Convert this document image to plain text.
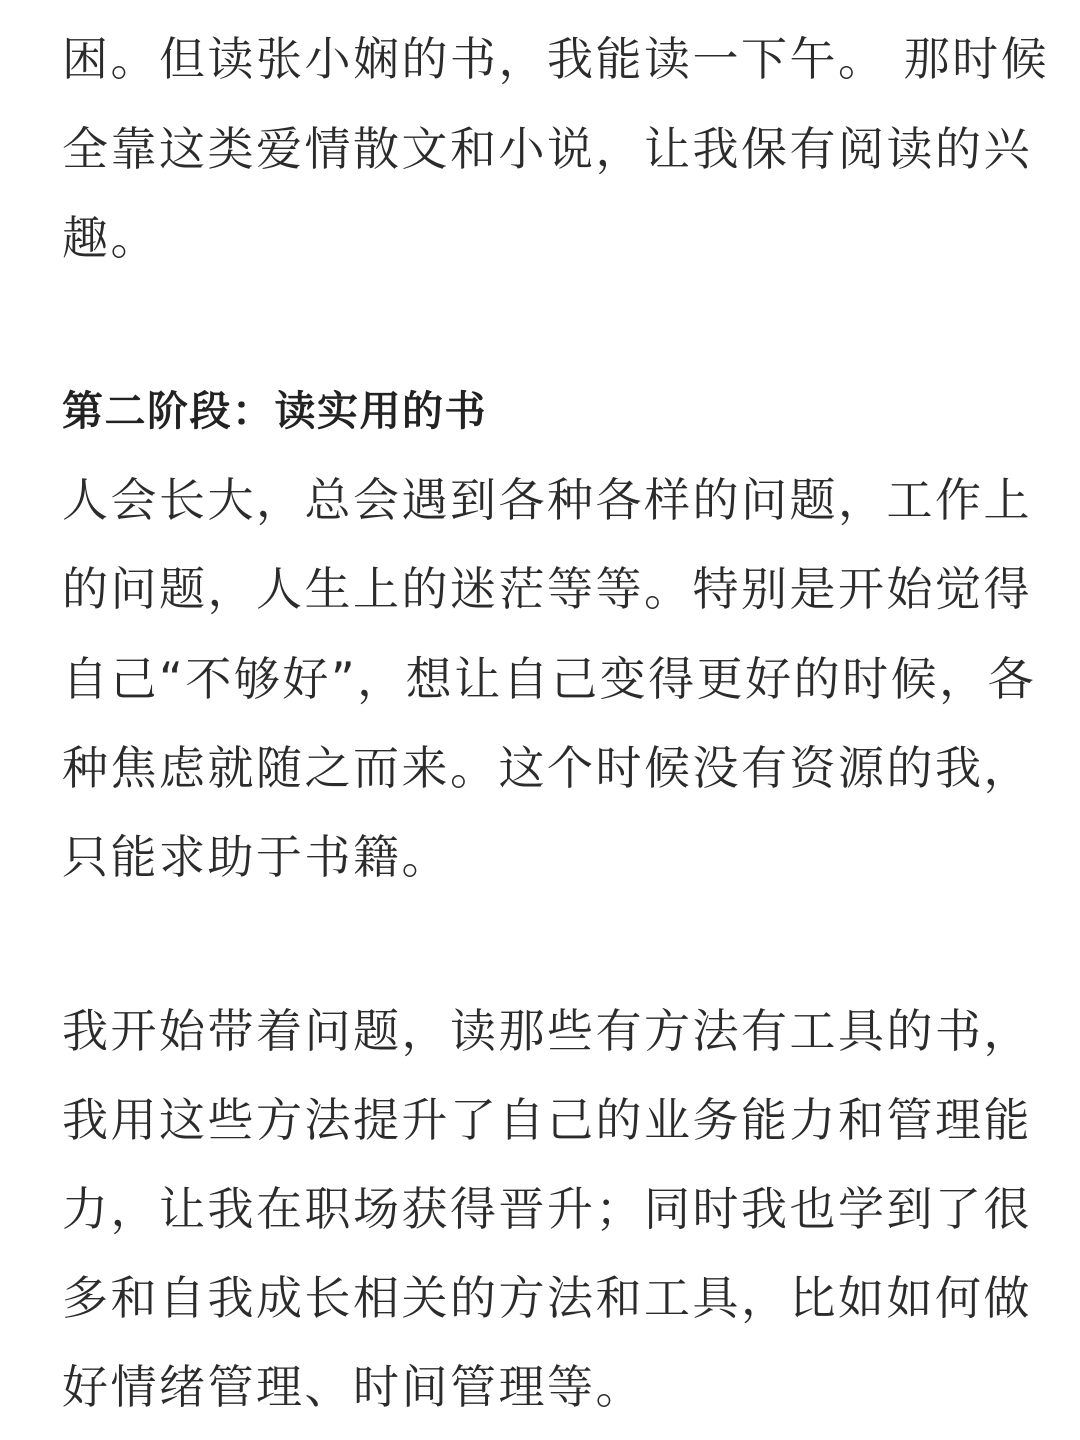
困。但读张小娴的书，我能读一下午。 那时候
全靠这类爱情散文和小说，让我保有阅读的兴
趣。
第二阶段：读实用的书
人会长大，总会遇到各种各样的问题，工作上
的问题，人生上的迷茫等等。特别是开始觉得
自己“不够好”，想让自己变得更好的时候，各
种焦虑就随之而来。这个时候没有资源的我，
只能求助于书籍。
我开始带着问题，读那些有方法有工具的书，
我用这些方法提升了自己的业务能力和管理能
力，让我在职场获得晋升；同时我也学到了很
多和自我成长相关的方法和工具，比如如何做
好情绪管理、时间管理等。
